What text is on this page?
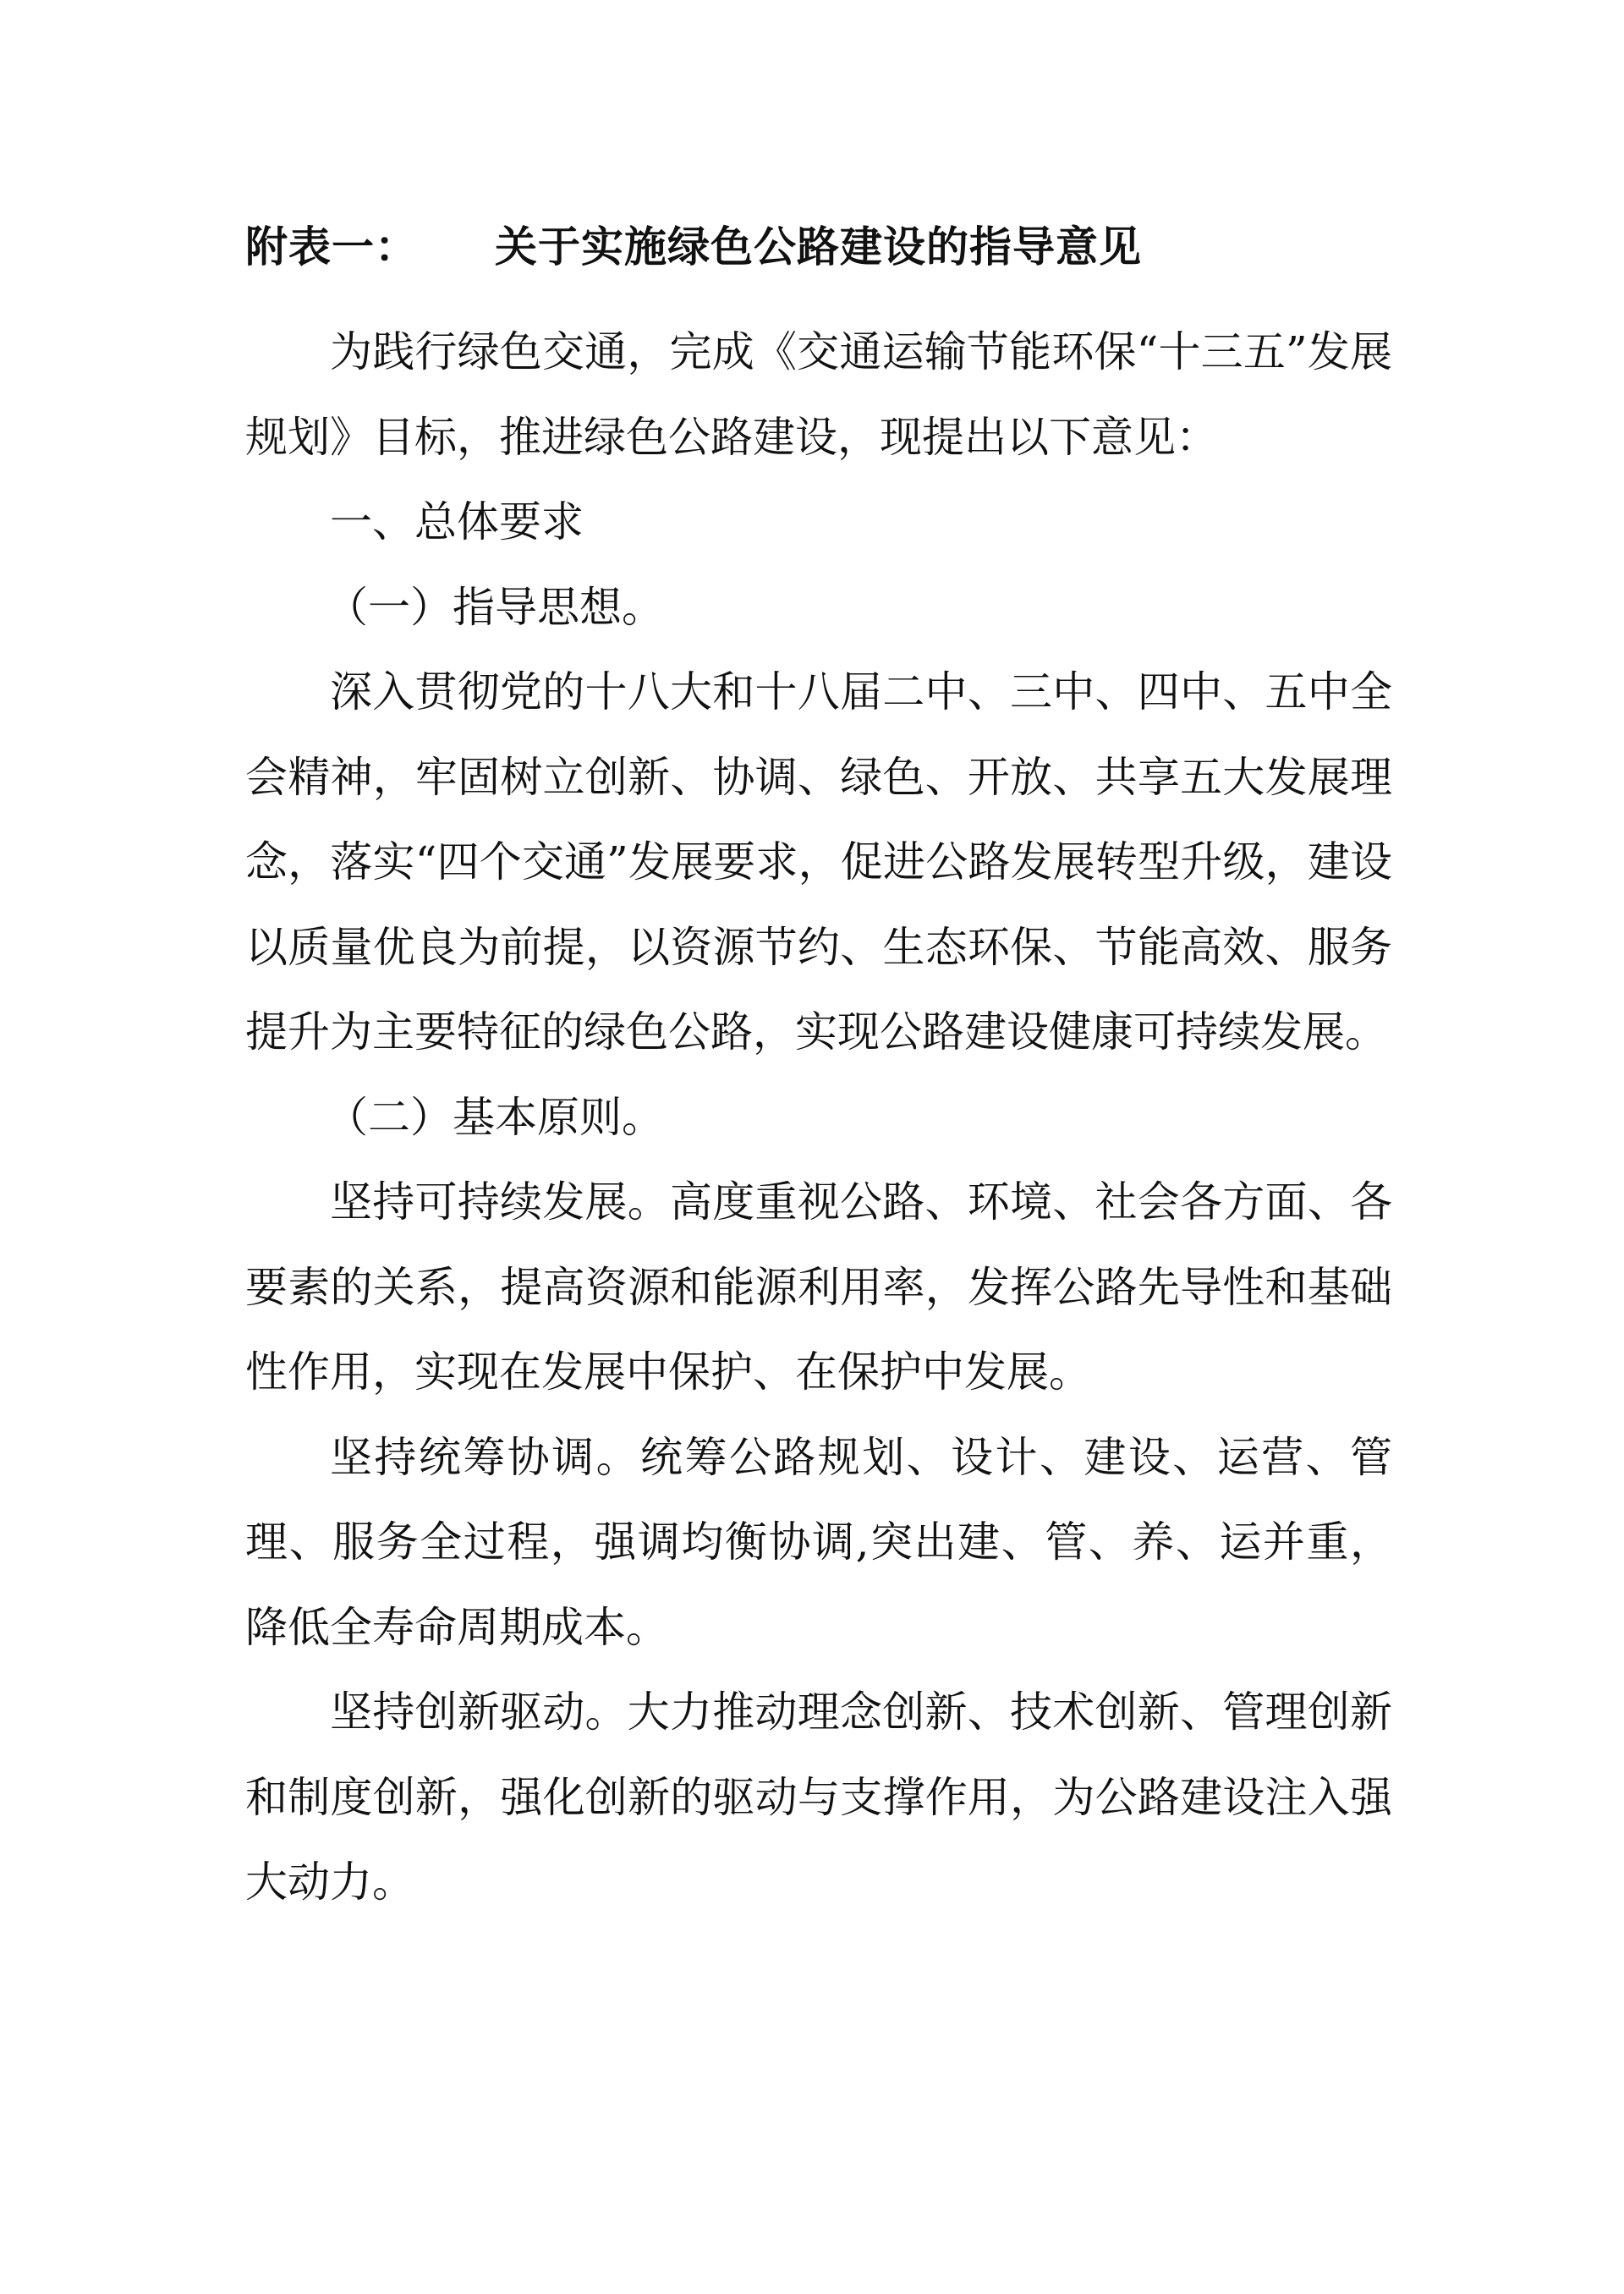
附表一：	关于实施绿色公路建设的指导意见

为践行绿色交通，完成《交通运输节能环保“十三五”发展规划》目标，推进绿色公路建设，现提出以下意见：

一、总体要求

（一）指导思想。

深入贯彻党的十八大和十八届二中、三中、四中、五中全会精神，牢固树立创新、协调、绿色、开放、共享五大发展理念，落实“四个交通”发展要求，促进公路发展转型升级，建设以质量优良为前提，以资源节约、生态环保、节能高效、服务提升为主要特征的绿色公路，实现公路建设健康可持续发展。

（二）基本原则。

坚持可持续发展。高度重视公路、环境、社会各方面、各要素的关系，提高资源和能源利用率，发挥公路先导性和基础性作用，实现在发展中保护、在保护中发展。

坚持统筹协调。统筹公路规划、设计、建设、运营、管理、服务全过程，强调均衡协调,突出建、管、养、运并重，降低全寿命周期成本。

坚持创新驱动。大力推动理念创新、技术创新、管理创新和制度创新，强化创新的驱动与支撑作用，为公路建设注入强大动力。
